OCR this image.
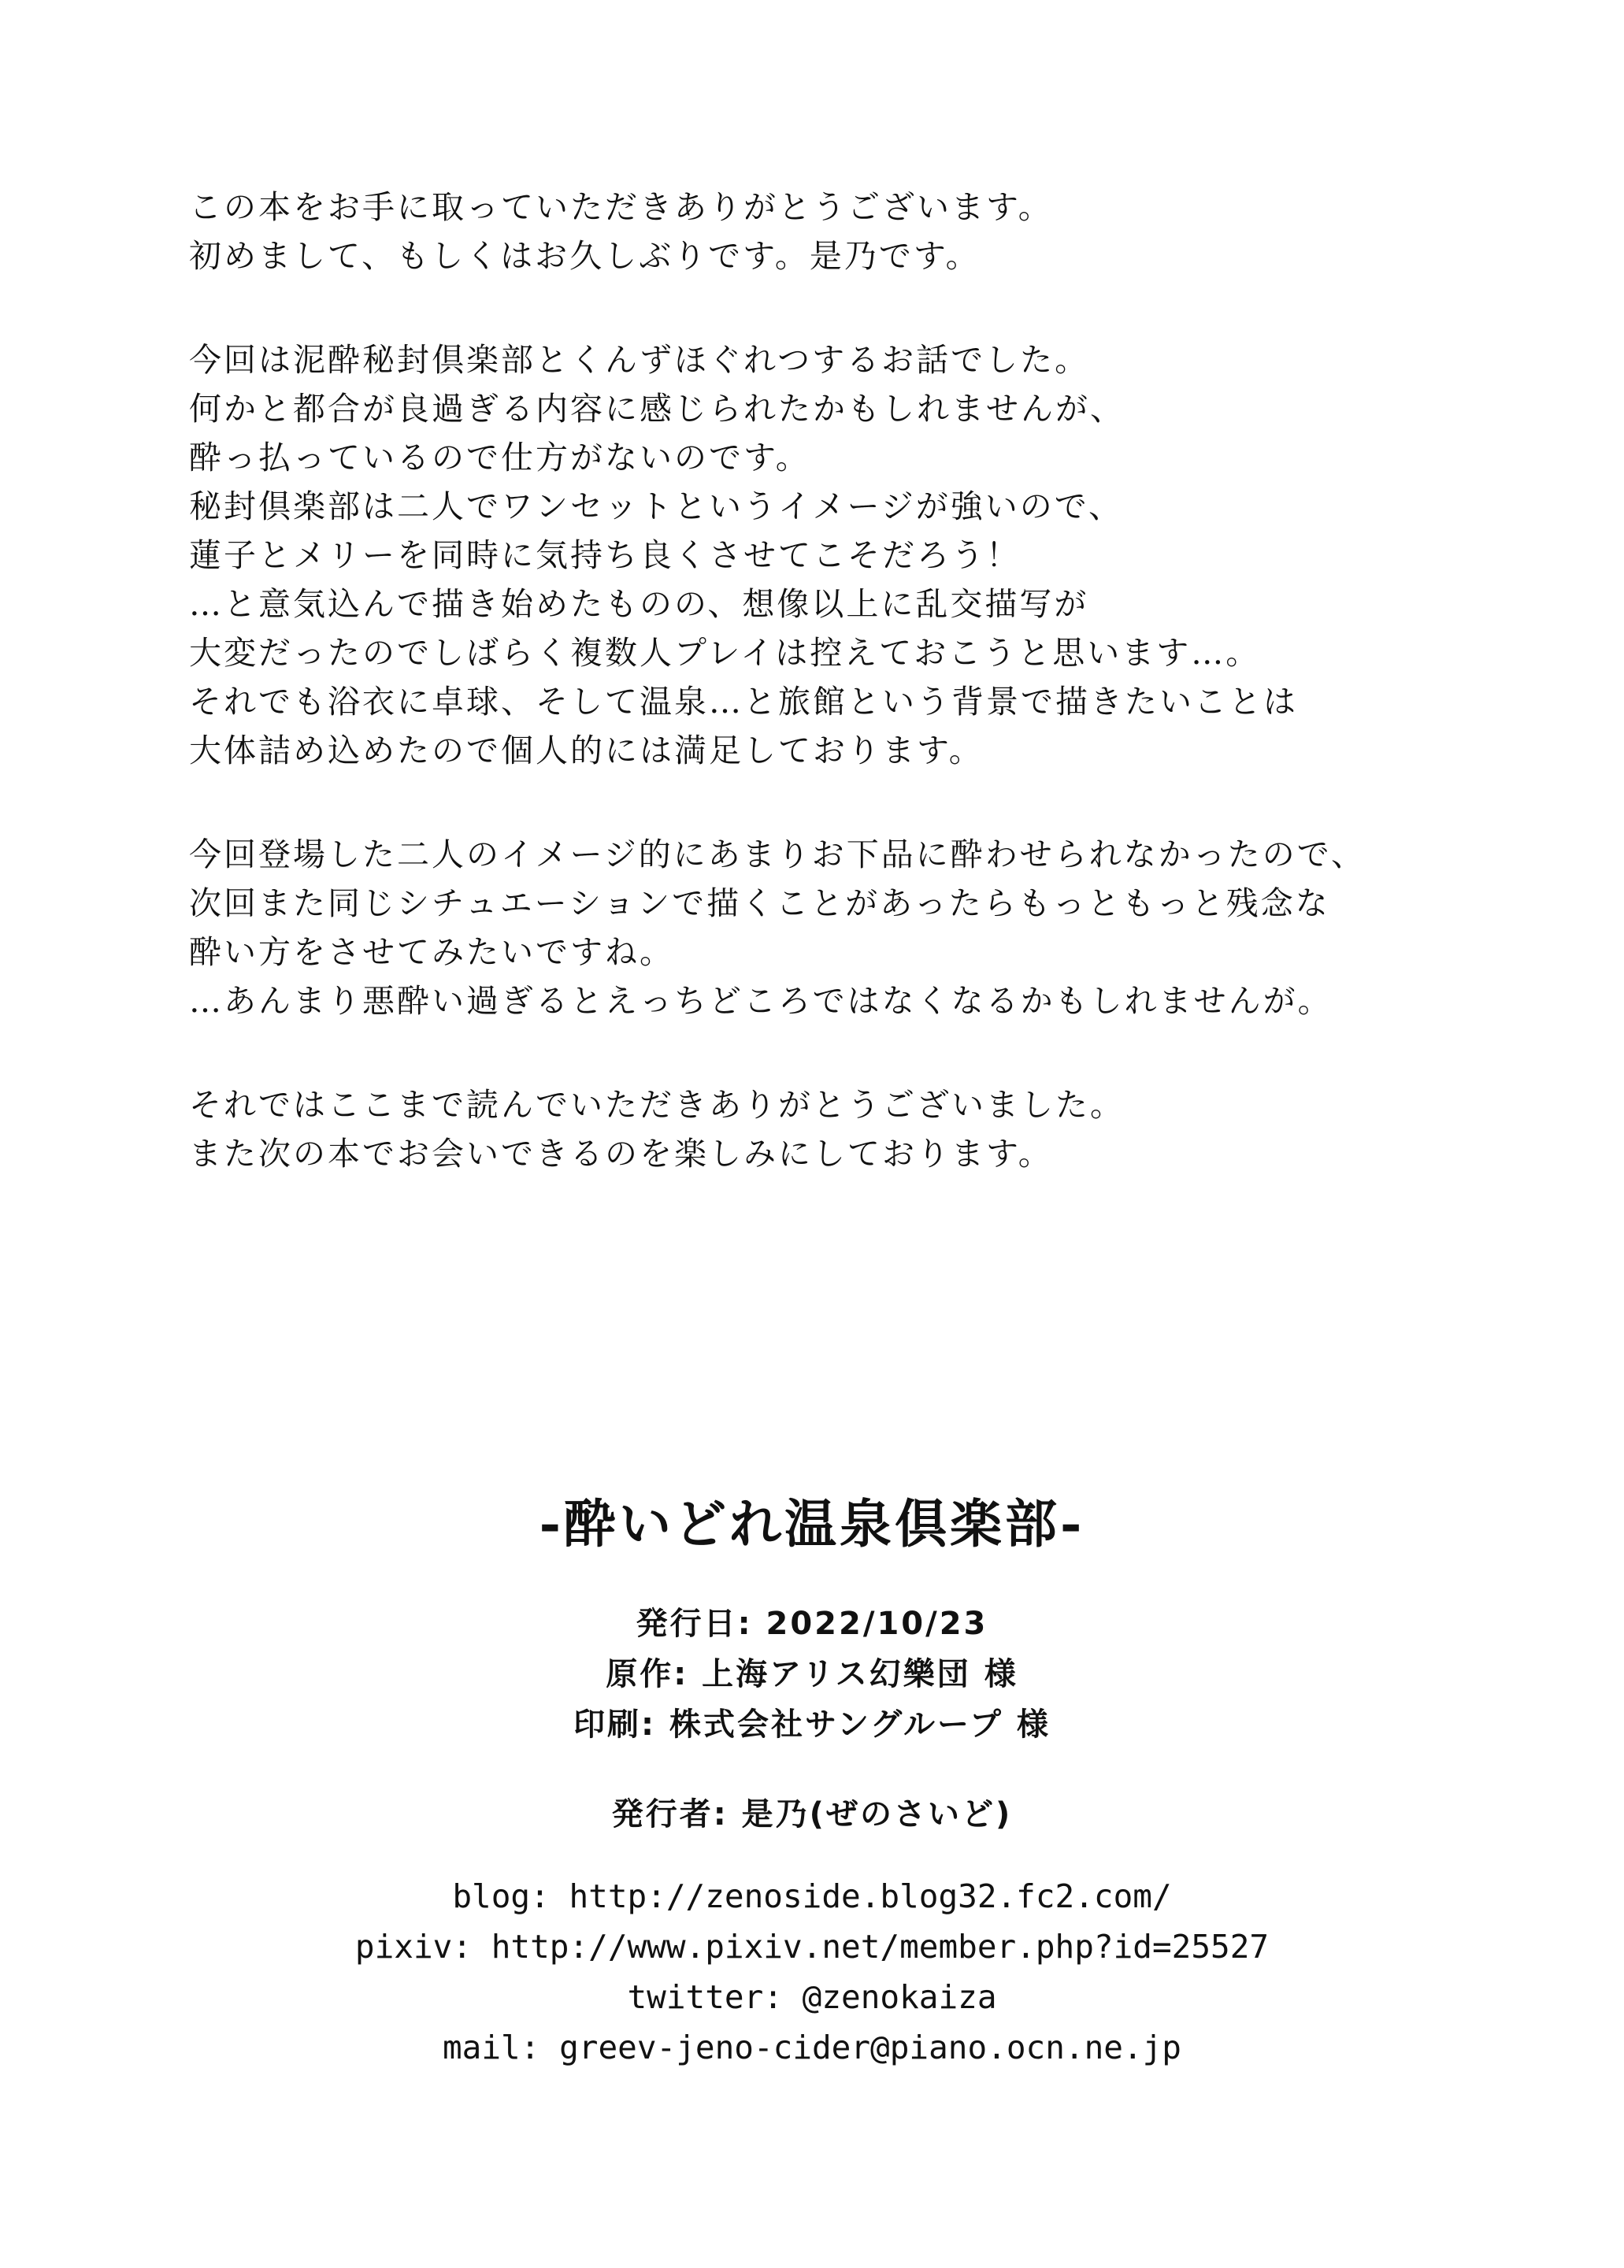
この本をお手に取っていただきありがとうございます。
初めまして、もしくはお久しぶりです。是乃です。
今回は泥酔秘封倶楽部とくんずほぐれつするお話でした。
何かと都合が良過ぎる内容に感じられたかもしれませんが、
酔っ払っているので仕方がないのです。
秘封倶楽部は二人でワンセットというイメージが強いので、
蓮子とメリーを同時に気持ち良くさせてこそだろう！
…と意気込んで描き始めたものの、想像以上に乱交描写が
大変だったのでしばらく複数人プレイは控えておこうと思います…。
それでも浴衣に卓球、そして温泉…と旅館という背景で描きたいことは
大体詰め込めたので個人的には満足しております。
今回登場した二人のイメージ的にあまりお下品に酔わせられなかったので、
次回また同じシチュエーションで描くことがあったらもっともっと残念な
酔い方をさせてみたいですね。
…あんまり悪酔い過ぎるとえっちどころではなくなるかもしれませんが。
それではここまで読んでいただきありがとうございました。
また次の本でお会いできるのを楽しみにしております。
-酔いどれ温泉倶楽部-
発行日: 2022/10/23
原作: 上海アリス幻樂団 様
印刷: 株式会社サングループ 様
発行者: 是乃(ぜのさいど)
blog: http://zenoside.blog32.fc2.com/
pixiv: http://www.pixiv.net/member.php?id=25527
twitter: @zenokaiza
mail: greev-jeno-cider@piano.ocn.ne.jp
